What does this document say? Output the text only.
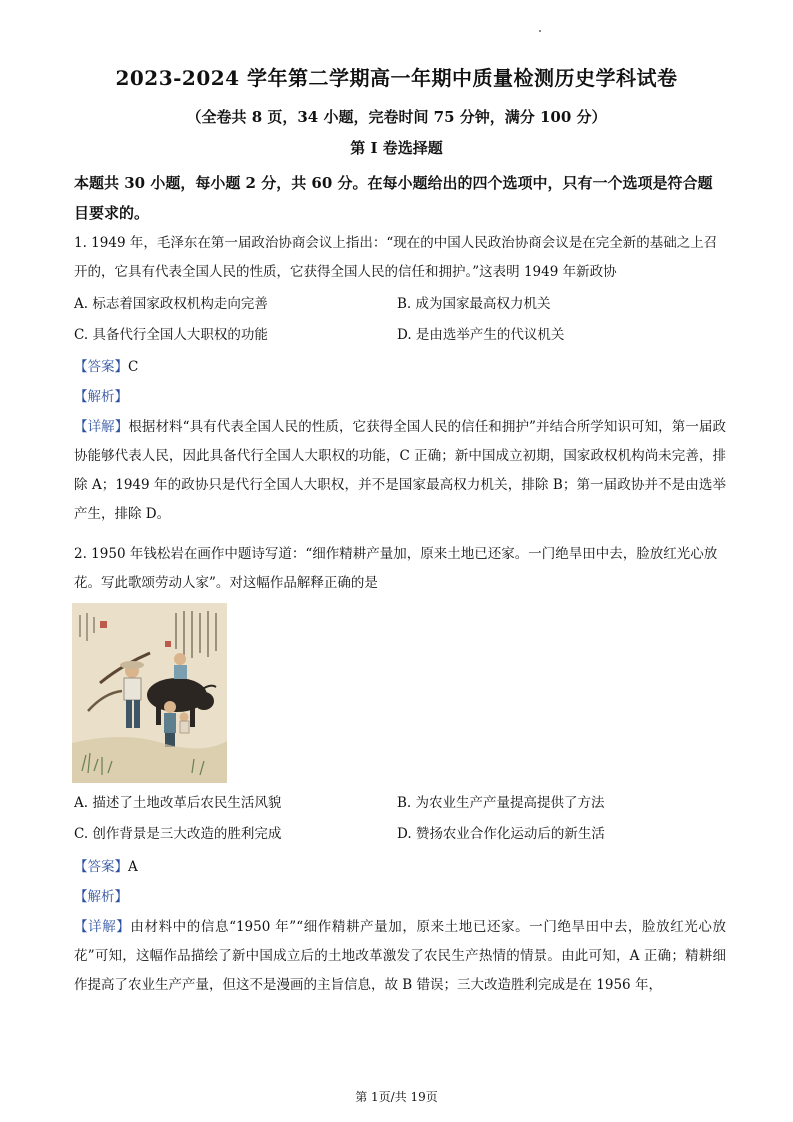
2023-2024 学年第二学期高一年期中质量检测历史学科试卷
（全卷共 8 页，34 小题，完卷时间 75 分钟，满分 100 分）
第 I 卷选择题
本题共 30 小题，每小题 2 分，共 60 分。在每小题给出的四个选项中，只有一个选项是符合题目要求的。
1. 1949 年，毛泽东在第一届政治协商会议上指出：“现在的中国人民政治协商会议是在完全新的基础之上召开的，它具有代表全国人民的性质，它获得全国人民的信任和拥护。”这表明 1949 年新政协
A. 标志着国家政权机构走向完善	B. 成为国家最高权力机关
C. 具备代行全国人大职权的功能	D. 是由选举产生的代议机关
【答案】C
【解析】
【详解】根据材料“具有代表全国人民的性质，它获得全国人民的信任和拥护”并结合所学知识可知，第一届政协能够代表人民，因此具备代行全国人大职权的功能，C 正确；新中国成立初期，国家政权机构尚未完善，排除 A；1949 年的政协只是代行全国人大职权，并不是国家最高权力机关，排除 B；第一届政协并不是由选举产生，排除 D。
2. 1950 年钱松岩在画作中题诗写道：“细作精耕产量加，原来土地已还家。一门绝旱田中去，脸放红光心放花。写此歌颂劳动人家”。对这幅作品解释正确的是
A. 描述了土地改革后农民生活风貌	B. 为农业生产产量提高提供了方法
C. 创作背景是三大改造的胜利完成	D. 赞扬农业合作化运动后的新生活
【答案】A
【解析】
【详解】由材料中的信息“1950 年”“细作精耕产量加，原来土地已还家。一门绝旱田中去，脸放红光心放花”可知，这幅作品描绘了新中国成立后的土地改革激发了农民生产热情的情景。由此可知，A 正确；精耕细作提高了农业生产产量，但这不是漫画的主旨信息，故 B 错误；三大改造胜利完成是在 1956 年，
第 1页/共 19页
